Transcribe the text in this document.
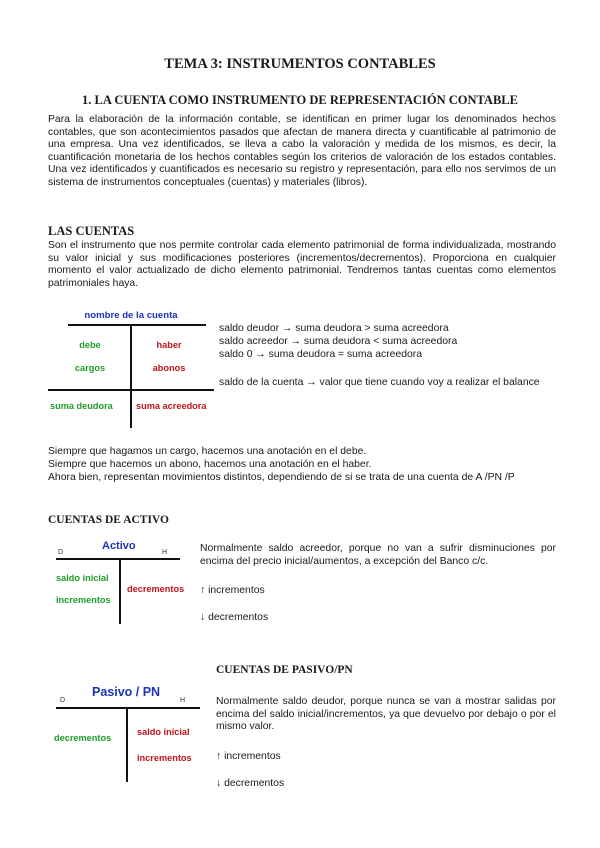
TEMA 3: INSTRUMENTOS CONTABLES
1. LA CUENTA COMO INSTRUMENTO DE REPRESENTACIÓN CONTABLE
Para la elaboración de la información contable, se identifican en primer lugar los denominados hechos contables, que son acontecimientos pasados que afectan de manera directa y cuantificable al patrimonio de una empresa. Una vez identificados, se lleva a cabo la valoración y medida de los mismos, es decir, la cuantificación monetaria de los hechos contables según los criterios de valoración de los estados contables. Una vez identificados y cuantificados es necesario su registro y representación, para ello nos servimos de un sistema de instrumentos conceptuales (cuentas) y materiales (libros).
LAS CUENTAS
Son el instrumento que nos permite controlar cada elemento patrimonial de forma individualizada, mostrando su valor inicial y sus modificaciones posteriores (incrementos/decrementos). Proporciona en cualquier momento el valor actualizado de dicho elemento patrimonial. Tendremos tantas cuentas como elementos patrimoniales haya.
nombre de la cuenta
debe	haber
cargos	abonos
suma deudora	suma acreedora
saldo deudor → suma deudora > suma acreedora
saldo acreedor → suma deudora < suma acreedora
saldo 0 → suma deudora = suma acreedora
saldo de la cuenta → valor que tiene cuando voy a realizar el balance
Siempre que hagamos un cargo, hacemos una anotación en el debe.
Siempre que hacemos un abono, hacemos una anotación en el haber.
Ahora bien, representan movimientos distintos, dependiendo de si se trata de una cuenta de A /PN /P
CUENTAS DE ACTIVO
Activo
D	H
saldo inicial
incrementos
decrementos
Normalmente saldo acreedor, porque no van a sufrir disminuciones por encima del precio inicial/aumentos, a excepción del Banco c/c.
↑ incrementos
↓ decrementos
CUENTAS DE PASIVO/PN
Pasivo / PN
D	H
decrementos
saldo inicial
incrementos
Normalmente saldo deudor, porque nunca se van a mostrar salidas por encima del saldo inicial/incrementos, ya que devuelvo por debajo o por el mismo valor.
↑ incrementos
↓ decrementos
